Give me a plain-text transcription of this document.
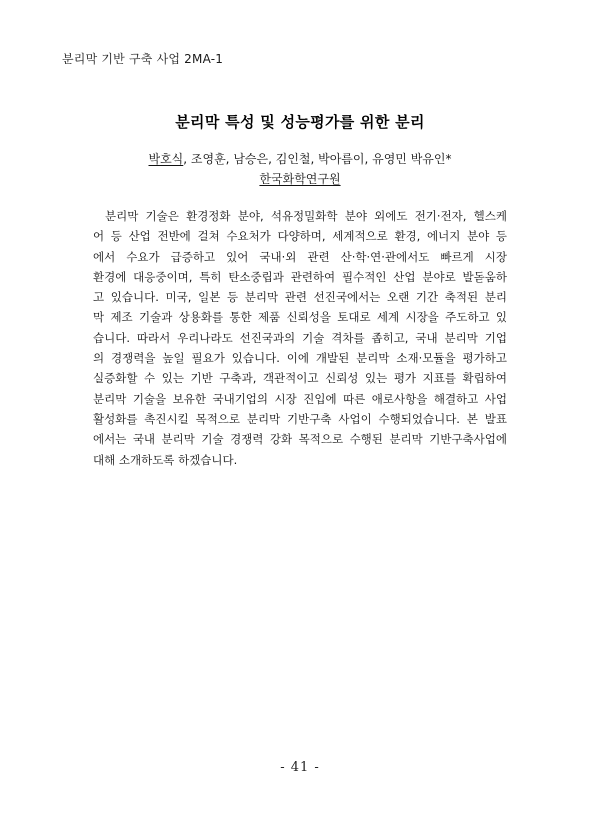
분리막 기반 구축 사업 2MA-1
분리막 특성 및 성능평가를 위한 분리
박호식, 조영훈, 남승은, 김인철, 박아름이, 유영민 박유인*
한국화학연구원
분리막 기술은 환경정화 분야, 석유정밀화학 분야 외에도 전기·전자, 헬스케
어 등 산업 전반에 걸쳐 수요처가 다양하며, 세계적으로 환경, 에너지 분야 등
에서 수요가 급증하고 있어 국내·외 관련 산·학·연·관에서도 빠르게 시장
환경에 대응중이며, 특히 탄소중립과 관련하여 필수적인 산업 분야로 발돋움하
고 있습니다. 미국, 일본 등 분리막 관련 선진국에서는 오랜 기간 축적된 분리
막 제조 기술과 상용화를 통한 제품 신뢰성을 토대로 세계 시장을 주도하고 있
습니다. 따라서 우리나라도 선진국과의 기술 격차를 좁히고, 국내 분리막 기업
의 경쟁력을 높일 필요가 있습니다. 이에 개발된 분리막 소재·모듈을 평가하고
실증화할 수 있는 기반 구축과, 객관적이고 신뢰성 있는 평가 지표를 확립하여
분리막 기술을 보유한 국내기업의 시장 진입에 따른 애로사항을 해결하고 사업
활성화를 촉진시킬 목적으로 분리막 기반구축 사업이 수행되었습니다. 본 발표
에서는 국내 분리막 기술 경쟁력 강화 목적으로 수행된 분리막 기반구축사업에
대해 소개하도록 하겠습니다.
- 41 -
